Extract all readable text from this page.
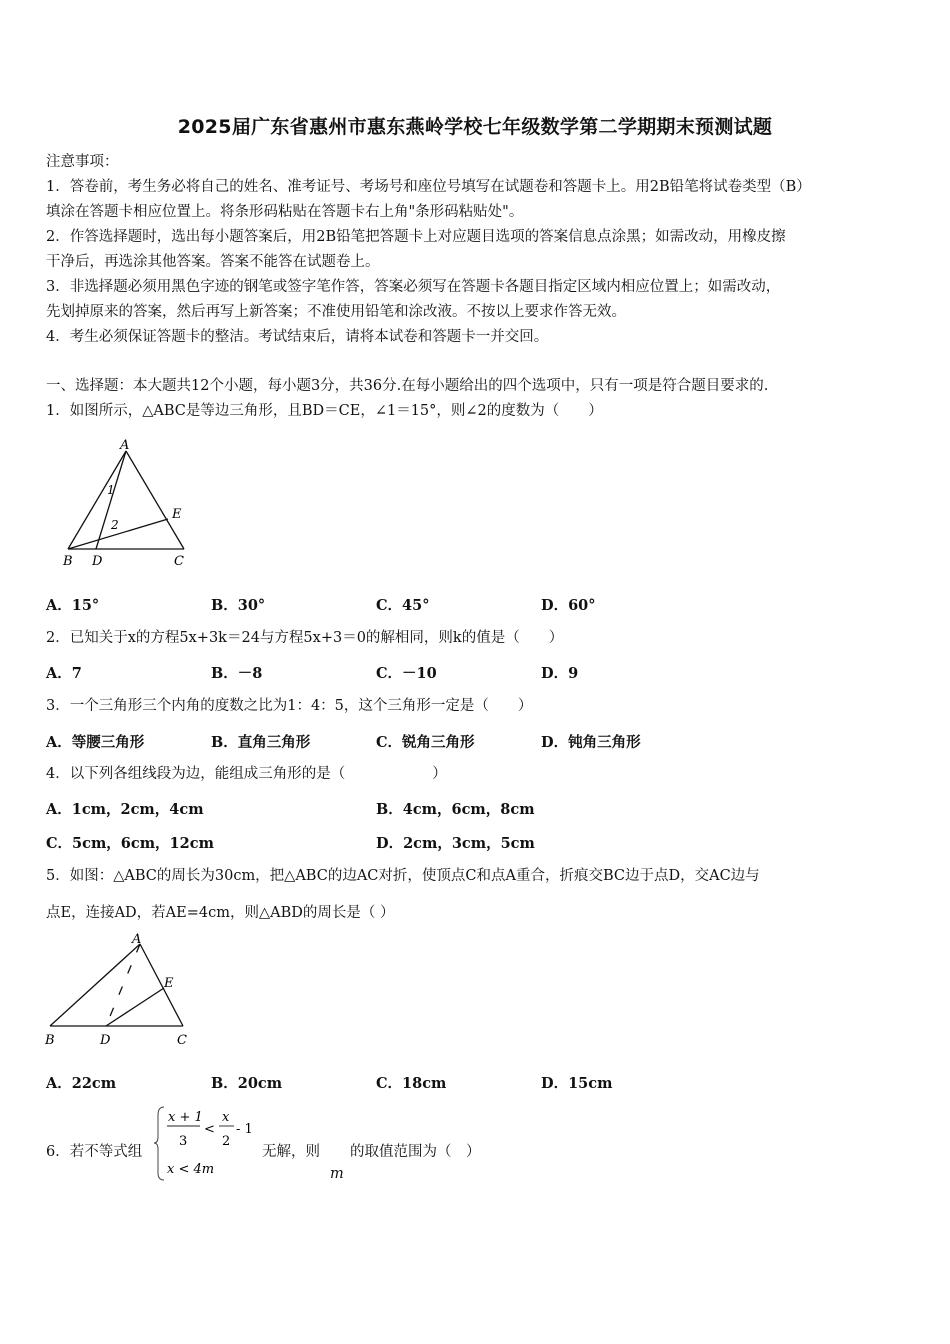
2025届广东省惠州市惠东燕岭学校七年级数学第二学期期末预测试题
注意事项：
1．答卷前，考生务必将自己的姓名、准考证号、考场号和座位号填写在试题卷和答题卡上。用2B铅笔将试卷类型（B）
填涂在答题卡相应位置上。将条形码粘贴在答题卡右上角"条形码粘贴处"。
2．作答选择题时，选出每小题答案后，用2B铅笔把答题卡上对应题目选项的答案信息点涂黑；如需改动，用橡皮擦
干净后，再选涂其他答案。答案不能答在试题卷上。
3．非选择题必须用黑色字迹的钢笔或签字笔作答，答案必须写在答题卡各题目指定区域内相应位置上；如需改动，
先划掉原来的答案，然后再写上新答案；不准使用铅笔和涂改液。不按以上要求作答无效。
4．考生必须保证答题卡的整洁。考试结束后，请将本试卷和答题卡一并交回。
一、选择题：本大题共12个小题，每小题3分，共36分.在每小题给出的四个选项中，只有一项是符合题目要求的.
1．如图所示，△ABC是等边三角形，且BD＝CE，∠1＝15°，则∠2的度数为（　　）
A
B	C
D
E
1
2
A．15°	B．30°	C．45°	D．60°
2．已知关于x的方程5x+3k＝24与方程5x+3＝0的解相同，则k的值是（　　）
A．7	B．－8	C．－10	D．9
3．一个三角形三个内角的度数之比为1：4：5，这个三角形一定是（　　）
A．等腰三角形	B．直角三角形	C．锐角三角形	D．钝角三角形
4．以下列各组线段为边，能组成三角形的是（　　　　　　）
A．1cm，2cm，4cm	B．4cm，6cm，8cm
C．5cm，6cm，12cm	D．2cm，3cm，5cm
5．如图：△ABC的周长为30cm，把△ABC的边AC对折，使顶点C和点A重合，折痕交BC边于点D，交AC边与
点E，连接AD，若AE=4cm，则△ABD的周长是（ ）
A
B	C
D
E
A．22cm	B．20cm	C．18cm	D．15cm
6．若不等式组
x + 1
3
<
x
2
- 1
x < 4m
无解，则
m
的取值范围为（　）
